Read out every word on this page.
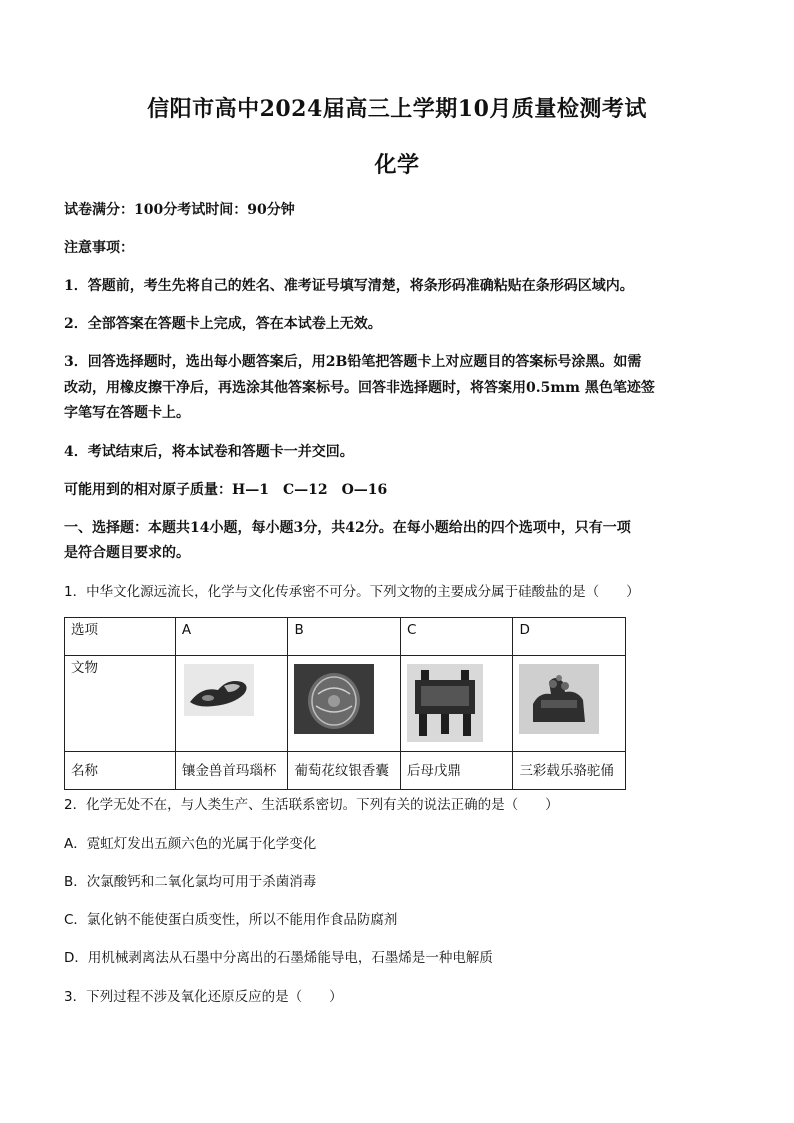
信阳市高中2024届高三上学期10月质量检测考试
化学
试卷满分：100分考试时间：90分钟
注意事项：
1．答题前，考生先将自己的姓名、准考证号填写清楚，将条形码准确粘贴在条形码区域内。
2．全部答案在答题卡上完成，答在本试卷上无效。
3．回答选择题时，选出每小题答案后，用2B铅笔把答题卡上对应题目的答案标号涂黑。如需
改动，用橡皮擦干净后，再选涂其他答案标号。回答非选择题时，将答案用0.5mm 黑色笔迹签
字笔写在答题卡上。
4．考试结束后，将本试卷和答题卡一并交回。
可能用到的相对原子质量：H—1　C—12　O—16
一、选择题：本题共14小题，每小题3分，共42分。在每小题给出的四个选项中，只有一项
是符合题目要求的。
1．中华文化源远流长，化学与文化传承密不可分。下列文物的主要成分属于硅酸盐的是（　　）
选项	A	B	C	D
文物	

名称	镶金兽首玛瑙杯	葡萄花纹银香囊	后母戊鼎	三彩载乐骆驼俑
2．化学无处不在，与人类生产、生活联系密切。下列有关的说法正确的是（　　）
A．霓虹灯发出五颜六色的光属于化学变化
B．次氯酸钙和二氧化氯均可用于杀菌消毒
C．氯化钠不能使蛋白质变性，所以不能用作食品防腐剂
D．用机械剥离法从石墨中分离出的石墨烯能导电，石墨烯是一种电解质
3．下列过程不涉及氧化还原反应的是（　　）
